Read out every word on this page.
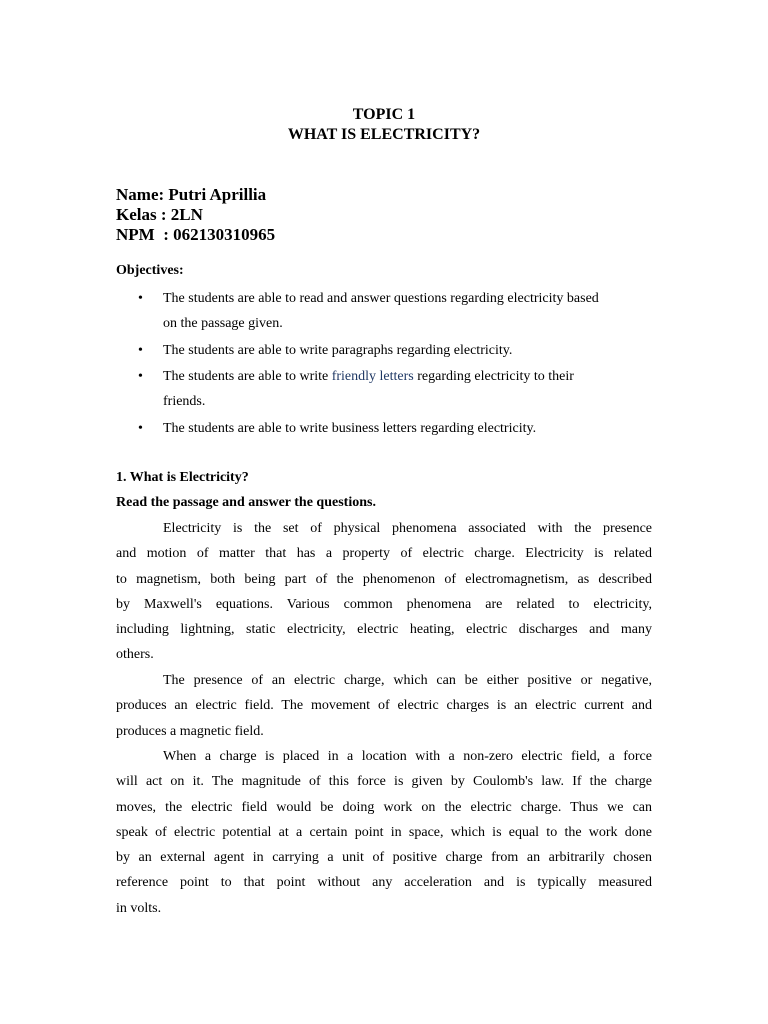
TOPIC 1
WHAT IS ELECTRICITY?
Name: Putri Aprillia
Kelas : 2LN
NPM  : 062130310965
Objectives:
• The students are able to read and answer questions regarding electricity based
on the passage given.
• The students are able to write paragraphs regarding electricity.
• The students are able to write friendly letters regarding electricity to their
friends.
• The students are able to write business letters regarding electricity.
1. What is Electricity?
Read the passage and answer the questions.
Electricity is the set of physical phenomena associated with the presence
and motion of matter that has a property of electric charge. Electricity is related
to magnetism, both being part of the phenomenon of electromagnetism, as described
by Maxwell's equations. Various common phenomena are related to electricity,
including lightning, static electricity, electric heating, electric discharges and many
others.
The presence of an electric charge, which can be either positive or negative,
produces an electric field. The movement of electric charges is an electric current and
produces a magnetic field.
When a charge is placed in a location with a non-zero electric field, a force
will act on it. The magnitude of this force is given by Coulomb's law. If the charge
moves, the electric field would be doing work on the electric charge. Thus we can
speak of electric potential at a certain point in space, which is equal to the work done
by an external agent in carrying a unit of positive charge from an arbitrarily chosen
reference point to that point without any acceleration and is typically measured
in volts.
